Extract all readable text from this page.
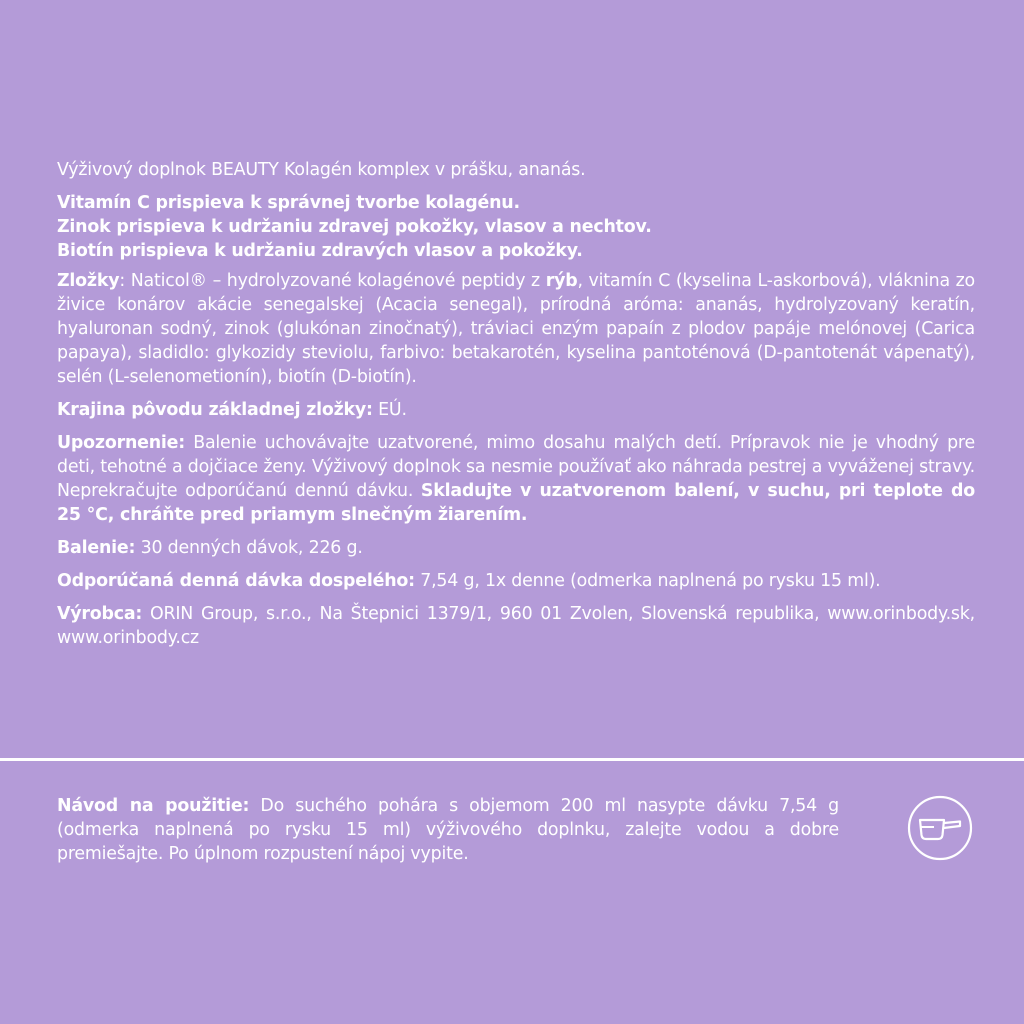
Výživový doplnok BEAUTY Kolagén komplex v prášku, ananás.

Vitamín C prispieva k správnej tvorbe kolagénu.
Zinok prispieva k udržaniu zdravej pokožky, vlasov a nechtov.
Biotín prispieva k udržaniu zdravých vlasov a pokožky.

Zložky: Naticol® – hydrolyzované kolagénové peptidy z rýb, vitamín C (kyselina L-askorbová), vláknina zo živice konárov akácie senegalskej (Acacia senegal), prírodná aróma: ananás, hydrolyzovaný keratín, hyaluronan sodný, zinok (glukónan zinočnatý), tráviaci enzým papaín z plodov papáje melónovej (Carica papaya), sladidlo: glykozidy steviolu, farbivo: betakarotén, kyselina pantoténová (D-pantotenát vápenatý), selén (L-selenometionín), biotín (D-biotín).

Krajina pôvodu základnej zložky: EÚ.

Upozornenie: Balenie uchovávajte uzatvorené, mimo dosahu malých detí. Prípravok nie je vhodný pre deti, tehotné a dojčiace ženy. Výživový doplnok sa nesmie používať ako náhrada pestrej a vyváženej stravy. Neprekračujte odporúčanú dennú dávku. Skladujte v uzatvorenom balení, v suchu, pri teplote do 25 °C, chráňte pred priamym slnečným žiarením.

Balenie: 30 denných dávok, 226 g.

Odporúčaná denná dávka dospelého: 7,54 g, 1x denne (odmerka naplnená po rysku 15 ml).

Výrobca: ORIN Group, s.r.o., Na Štepnici 1379/1, 960 01 Zvolen, Slovenská republika, www.orinbody.sk, www.orinbody.cz

Návod na použitie: Do suchého pohára s objemom 200 ml nasypte dávku 7,54 g (odmerka naplnená po rysku 15 ml) výživového doplnku, zalejte vodou a dobre premiešajte. Po úplnom rozpustení nápoj vypite.
